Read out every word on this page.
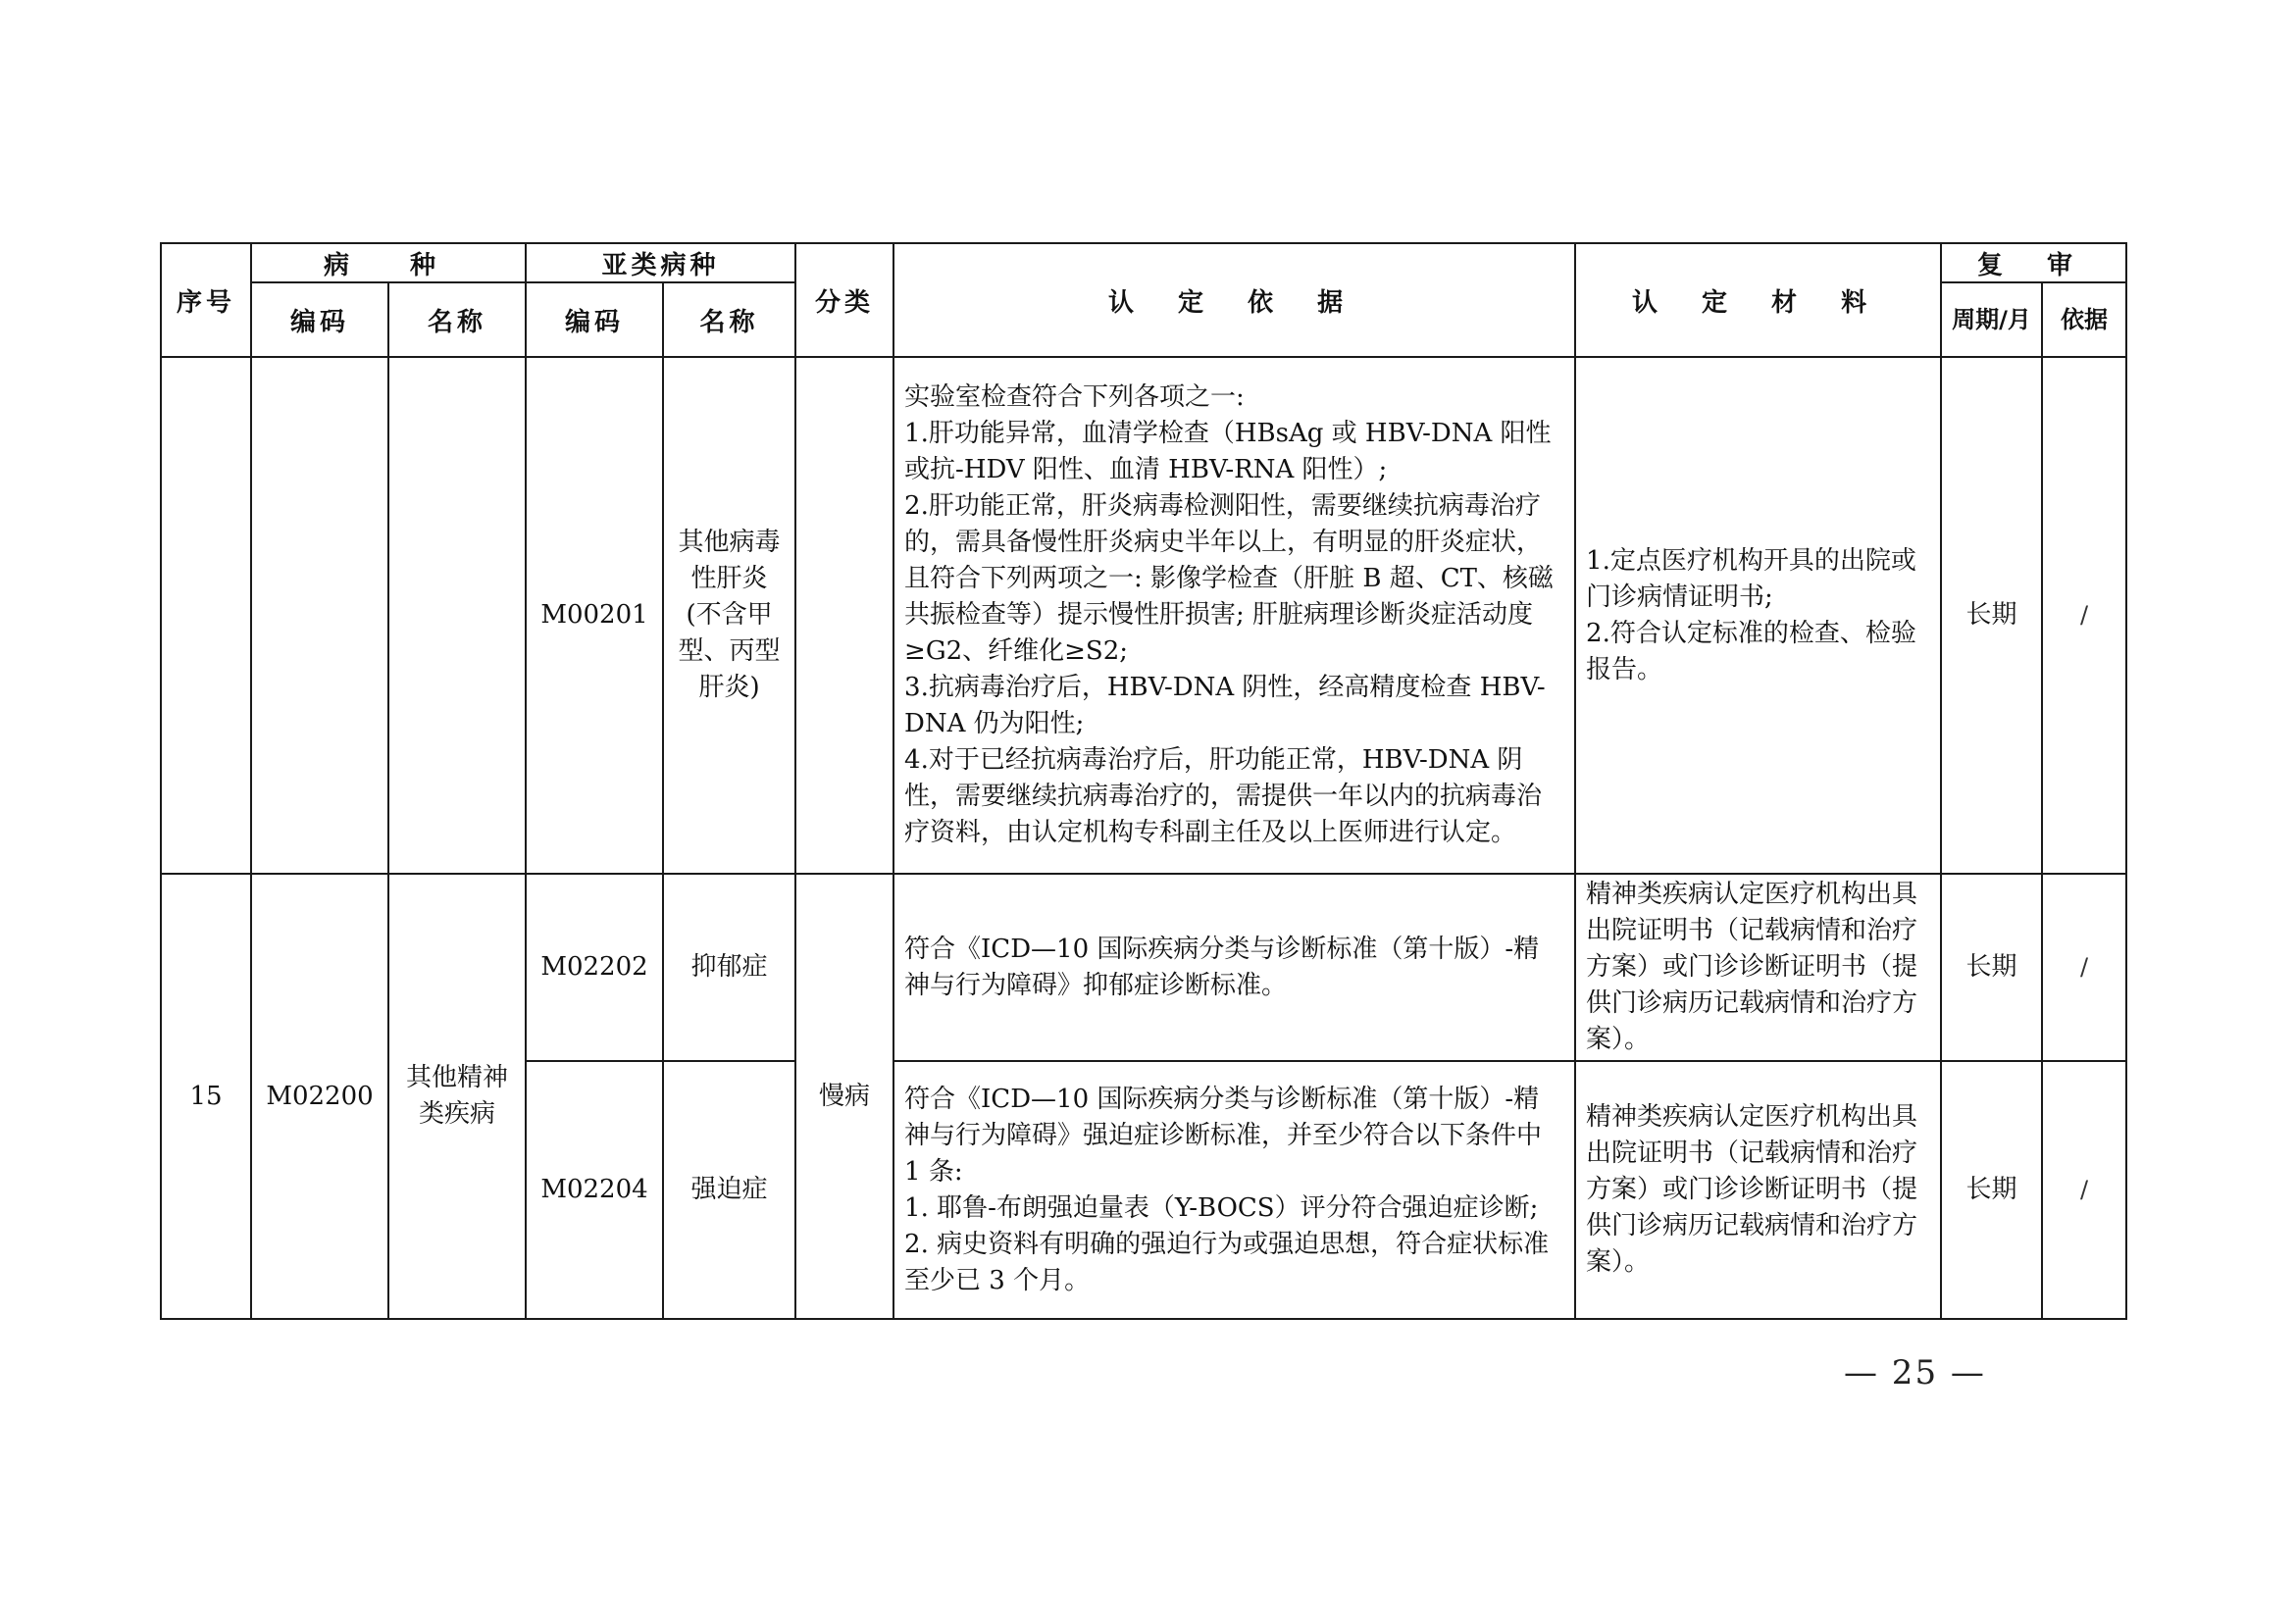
序号	病　种		亚类病种		分类	认 定 依 据	认 定 材 料	复 审	
	编码	名称	编码	名称				周期/月	依据
			M00201	其他病毒性肝炎(不含甲型、丙型肝炎)		实验室检查符合下列各项之一:
1.肝功能异常，血清学检查（HBsAg 或 HBV-DNA 阳性或抗-HDV 阳性、血清 HBV-RNA 阳性）;
2.肝功能正常，肝炎病毒检测阳性，需要继续抗病毒治疗的，需具备慢性肝炎病史半年以上，有明显的肝炎症状，且符合下列两项之一: 影像学检查（肝脏 B 超、CT、核磁共振检查等）提示慢性肝损害; 肝脏病理诊断炎症活动度≥G2、纤维化≥S2;
3.抗病毒治疗后，HBV-DNA 阴性，经高精度检查 HBV-DNA 仍为阳性;
4.对于已经抗病毒治疗后，肝功能正常，HBV-DNA 阴性，需要继续抗病毒治疗的，需提供一年以内的抗病毒治疗资料，由认定机构专科副主任及以上医师进行认定。	1.定点医疗机构开具的出院或门诊病情证明书;
2.符合认定标准的检查、检验报告。	长期	/
15	M02200	其他精神类疾病	M02202	抑郁症	慢病	符合《ICD—10 国际疾病分类与诊断标准（第十版）-精神与行为障碍》抑郁症诊断标准。	精神类疾病认定医疗机构出具出院证明书（记载病情和治疗方案）或门诊诊断证明书（提供门诊病历记载病情和治疗方案）。	长期	/
			M02204	强迫症		符合《ICD—10 国际疾病分类与诊断标准（第十版）-精神与行为障碍》强迫症诊断标准，并至少符合以下条件中 1 条:
1. 耶鲁-布朗强迫量表（Y-BOCS）评分符合强迫症诊断;
2. 病史资料有明确的强迫行为或强迫思想，符合症状标准至少已 3 个月。	精神类疾病认定医疗机构出具出院证明书（记载病情和治疗方案）或门诊诊断证明书（提供门诊病历记载病情和治疗方案）。	长期	/
— 25 —
